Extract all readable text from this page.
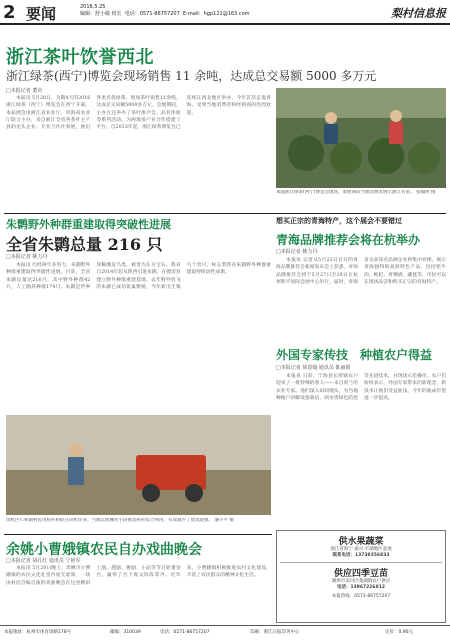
2 要闻	2016.5.25
编辑：舒小敏 组长 电话：0571-86757207 E-mail：hgp121@163.com	梨村信息报
浙江茶叶饮誉西北
浙江绿茶(西宁)博览会现场销售 11 余吨，达成总交易额 5000 多万元
□本报记者 董奇

本报讯 5月20日，为期4天的2016浙江绿茶（西宁）博览会在西宁开幕。本届展会由浙江省农业厅、青海省农业厅联合主办，来自浙江全省各茶叶主产县的龙头企业、专业合作社参展，展出各类名优绿茶，现场茶叶销售11余吨，达成总交易额5000多万元。会展期间，主办方还举办了茶叶推介会、品茗体验等系列活动，为两地茶产业合作搭建了平台。自2013年起，浙江绿茶博览会已连续在西北地区举办，今年首次走进青海，受到当地消费者和经销商的热烈欢迎。

本届浙江绿茶(西宁)博览会现场，参展商向当地消费者展示浙江名茶。 张翰明 摄
朱鹮野外种群重建取得突破性进展
全省朱鹮总量 216 只
□本报记者 姚力丹

本报讯 历经两年多努力，朱鹮野外种群重建取得突破性进展。目前，全省朱鹮总量达216只，其中野外种群42只，人工圈养种群174只。朱鹮是世界珍稀濒危鸟类，被誉为东方宝石。我省自2014年起从陕西引进朱鹮，在德清县建立野外种群重建基地。去年野外放飞的朱鹮已成功筑巢繁殖，今年新出生雏鸟十余只，标志着我省朱鹮野外种群重建取得阶段性成果。

余杭区仁和镇村民用秸秆粉碎还田机作业。当地以机械化手段推动秸秆综合利用，有效减少了焚烧现象。 潘小平 摄
想买正宗的青海特产，这个展会不要错过
青海品牌推荐会将在杭举办
□本报记者 姚力丹

本报讯 记者从5月23日召开的青海品牌推荐会新闻发布会上获悉，青海品牌推荐会将于5月27日至29日在杭州和平国际会展中心举行。届时，青海省众多知名品牌企业将集中亮相，展示青海独特的高原特色产品，包括牦牛肉、枸杞、青稞酒、藏毯等，市民可以在现场品尝和购买正宗的青海特产。

外国专家传技　种植农户得益
□本报记者 徐意翰 通讯员 陈丽娟

本报讯 日前，宁海县长街镇农户迎来了一批特殊的客人——来自荷兰的农业专家。他们深入田间地头，为当地种植户讲解设施栽培、病虫害绿色防控等先进技术，并现场示范操作。农户们纷纷表示，外国专家带来的新理念、新技术让他们受益匪浅，今年的收成有望进一步提高。

余姚小曹娥镇农民自办戏曲晚会
□本报记者 胡孔红 通讯员 宁艳军

本报讯 5月20日晚上，余姚市小曹娥镇的农民文化礼堂内座无虚席，一场由村民自编自演的戏曲晚会在这里精彩上演。越剧、姚剧、小品等节目轮番登台，赢得了台下观众阵阵掌声。近年来，小曹娥镇积极推进农村文化建设，丰富了农民群众的精神文化生活。

供水果蔬菜
浙江省海宁·嘉兴·平湖地区基地
联系电话：13738356833
供应四季豆苗
湖州市南浔区菱湖镇农户供应
电话：13967226812
本报热线：0571-86757207
本报地址：杭州市体育场路178号	邮编：310039	电话：0571-86757207	印刷：浙江日报印务中心	定价：0.90元
